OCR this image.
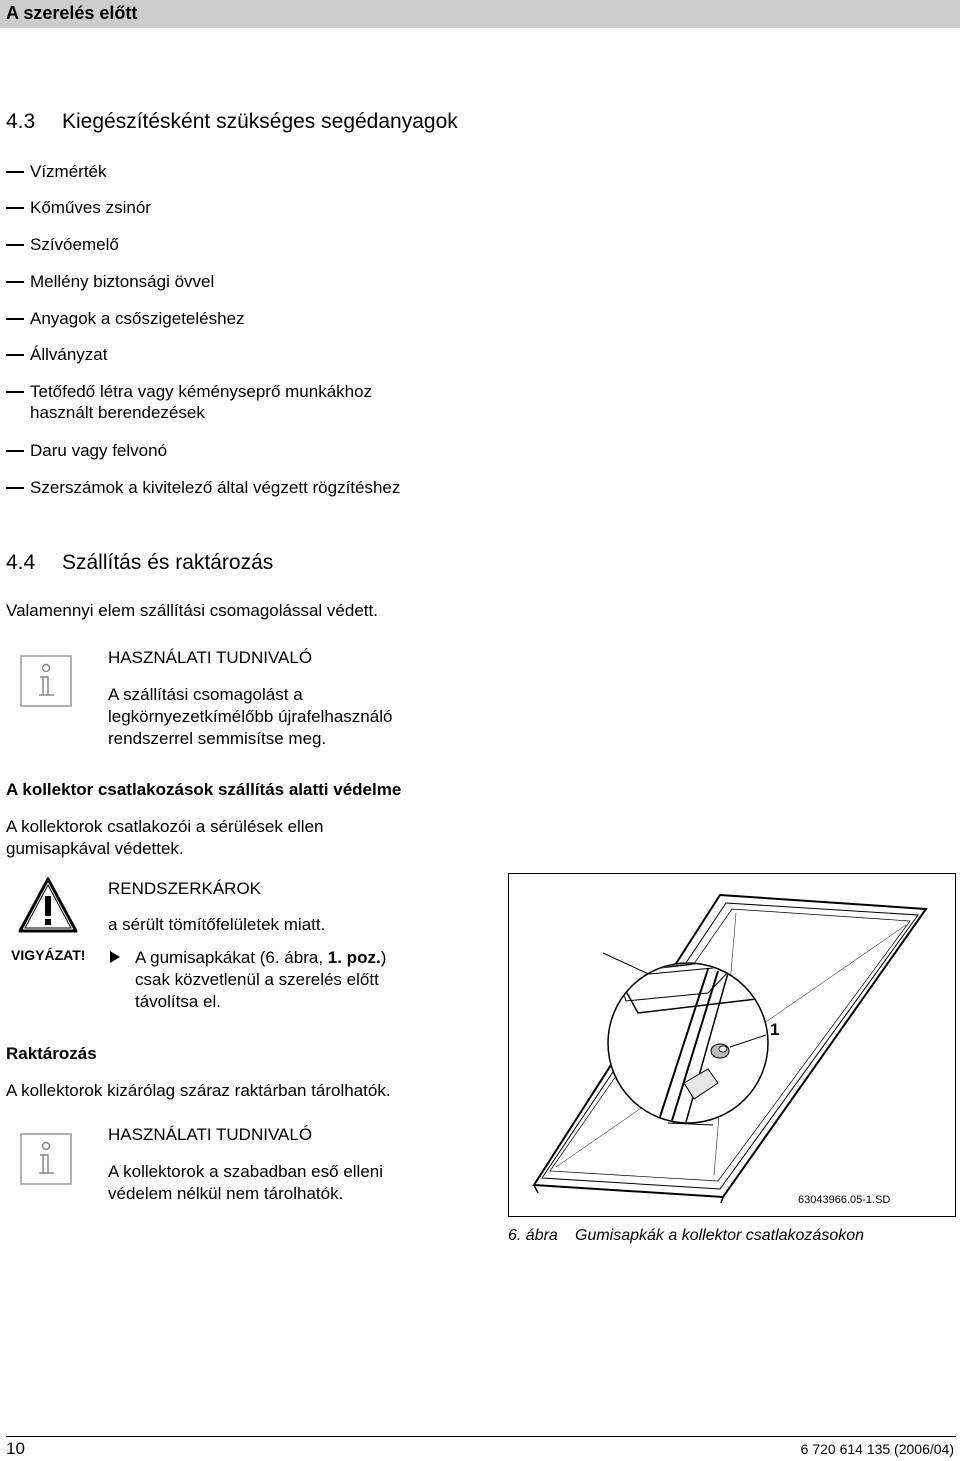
A szerelés előtt
4.3 Kiegészítésként szükséges segédanyagok
Vízmérték
Kőműves zsinór
Szívóemelő
Mellény biztonsági övvel
Anyagok a csőszigeteléshez
Állványzat
Tetőfedő létra vagy kéményseprő munkákhoz
használt berendezések
Daru vagy felvonó
Szerszámok a kivitelező által végzett rögzítéshez
4.4 Szállítás és raktározás
Valamennyi elem szállítási csomagolással védett.
HASZNÁLATI TUDNIVALÓ
A szállítási csomagolást a
legkörnyezetkímélőbb újrafelhasználó
rendszerrel semmisítse meg.
A kollektor csatlakozások szállítás alatti védelme
A kollektorok csatlakozói a sérülések ellen
gumisapkával védettek.
VIGYÁZAT!
RENDSZERKÁROK
a sérült tömítőfelületek miatt.
A gumisapkákat (6. ábra, 1. poz.)
csak közvetlenül a szerelés előtt
távolítsa el.
Raktározás
A kollektorok kizárólag száraz raktárban tárolhatók.
HASZNÁLATI TUDNIVALÓ
A kollektorok a szabadban eső elleni
védelem nélkül nem tárolhatók.
1
63043966.05-1.SD
6. ábra Gumisapkák a kollektor csatlakozásokon
10	6 720 614 135 (2006/04)
